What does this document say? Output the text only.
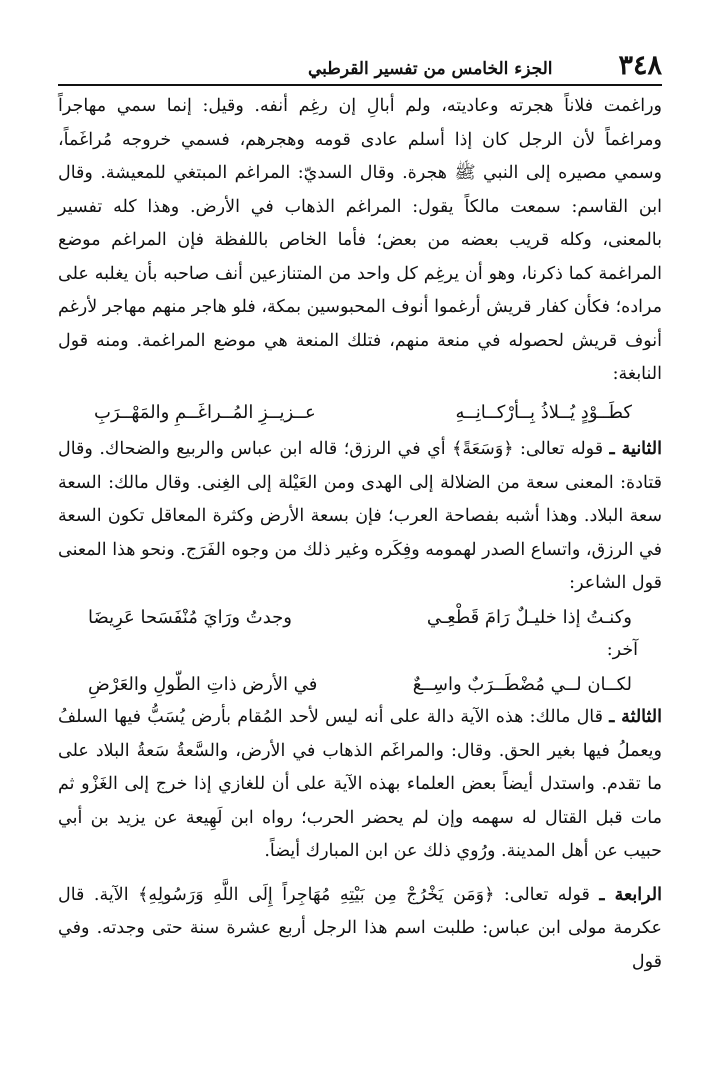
٣٤٨
الجزء الخامس من تفسير القرطبي

وراغمت فلاناً هجرته وعاديته، ولم أبالِ إن رغِم أنفه. وقيل: إنما سمي مهاجراً ومراغماً لأن الرجل كان إذا أسلم عادى قومه وهجرهم، فسمي خروجه مُراغَماً، وسمي مصيره إلى النبي ﷺ هجرة. وقال السديّ: المراغم المبتغي للمعيشة. وقال ابن القاسم: سمعت مالكاً يقول: المراغم الذهاب في الأرض. وهذا كله تفسير بالمعنى، وكله قريب بعضه من بعض؛ فأما الخاص باللفظة فإن المراغم موضع المراغمة كما ذكرنا، وهو أن يرغِم كل واحد من المتنازعين أنف صاحبه بأن يغلبه على مراده؛ فكأن كفار قريش أرغموا أنوف المحبوسين بمكة، فلو هاجر منهم مهاجر لأرغم أنوف قريش لحصوله في منعة منهم، فتلك المنعة هي موضع المراغمة. ومنه قول النابغة:

كطَــوْدٍ يُــلاذُ بِــأرْكــانِــهِ
عــزيــزِ المُــراغَــمِ والمَهْــرَبِ

الثانية ـ قوله تعالى: ﴿وَسَعَةً﴾ أي في الرزق؛ قاله ابن عباس والربيع والضحاك. وقال قتادة: المعنى سعة من الضلالة إلى الهدى ومن العَيْلة إلى الغِنى. وقال مالك: السعة سعة البلاد. وهذا أشبه بفصاحة العرب؛ فإن بسعة الأرض وكثرة المعاقل تكون السعة في الرزق، واتساع الصدر لهمومه وفِكَره وغير ذلك من وجوه الفَرَج. ونحو هذا المعنى قول الشاعر:

وكنـتُ إذا خليـلٌ رَامَ قَطْعِـي
وجدتُ ورَايَ مُنْفَسَحا عَرِيضَا
آخر:
لكــان لــي مُضْطَــرَبٌ واسِــعٌ
في الأرض ذاتِ الطّولِ والعَرْضِ

الثالثة ـ قال مالك: هذه الآية دالة على أنه ليس لأحد المُقام بأرض يُسَبُّ فيها السلفُ ويعملُ فيها بغير الحق. وقال: والمراغَم الذهاب في الأرض، والسَّعةُ سَعةُ البلاد على ما تقدم. واستدل أيضاً بعض العلماء بهذه الآية على أن للغازي إذا خرج إلى الغَزْو ثم مات قبل القتال له سهمه وإن لم يحضر الحرب؛ رواه ابن لَهِيعة عن يزيد بن أبي حبيب عن أهل المدينة. ورُوي ذلك عن ابن المبارك أيضاً.

الرابعة ـ قوله تعالى: ﴿وَمَن يَخْرُجْ مِن بَيْتِهِ مُهَاجِراً إِلَى اللَّهِ وَرَسُولِهِ﴾ الآية. قال عكرمة مولى ابن عباس: طلبت اسم هذا الرجل أربع عشرة سنة حتى وجدته. وفي قول
